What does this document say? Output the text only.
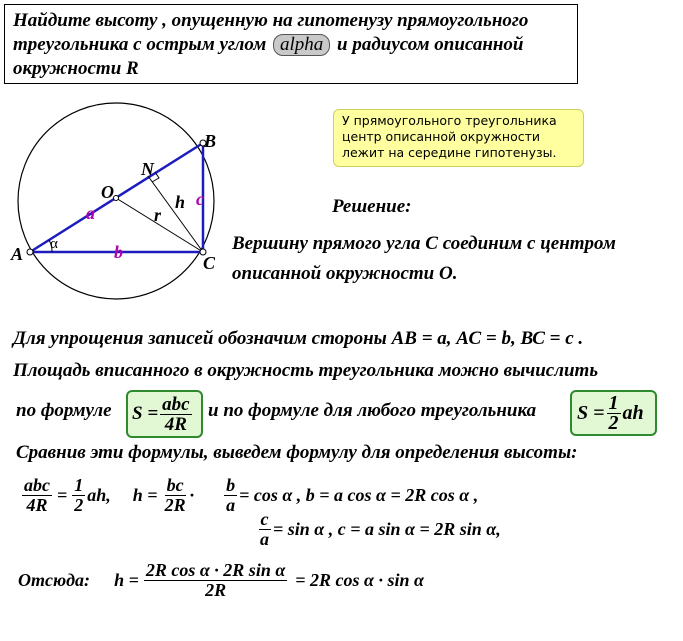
Найдите высоту , опущенную на гипотенузу прямоугольного
треугольника с острым углом alpha и радиусом описанной
окружности R
A
B
C
O
N
a
b
c
h
r
α
У прямоугольного треугольника
центр описанной окружности
лежит на середине гипотенузы.
Решение:
Вершину прямого угла С соединим с центром
описанной окружности О.
Для упрощения записей обозначим стороны АВ = а, АС = b, ВС = с .
Площадь вписанного в окружность треугольника можно вычислить
по формуле $S = \frac{\text{abc}}{4R}$ и по формуле для любого треугольника $S = \frac{1}{2}$ ah
Сравнив эти формулы, выведем формулу для определения высоты:
$\frac{\text{abc}}{4R} = \frac{1}{2}$ ah, $h = \frac{bc}{2R} \cdot \frac{b}{a} = \cos \alpha$ , b = a cos α = 2R cos α ,
$\frac{c}{a} = \sin \alpha$ , c = a sin α = 2R sin α,
Отсюда: $h = \frac{\text{2R cos α · 2R sin α}}{2R} = 2R$ cos α · sin α
